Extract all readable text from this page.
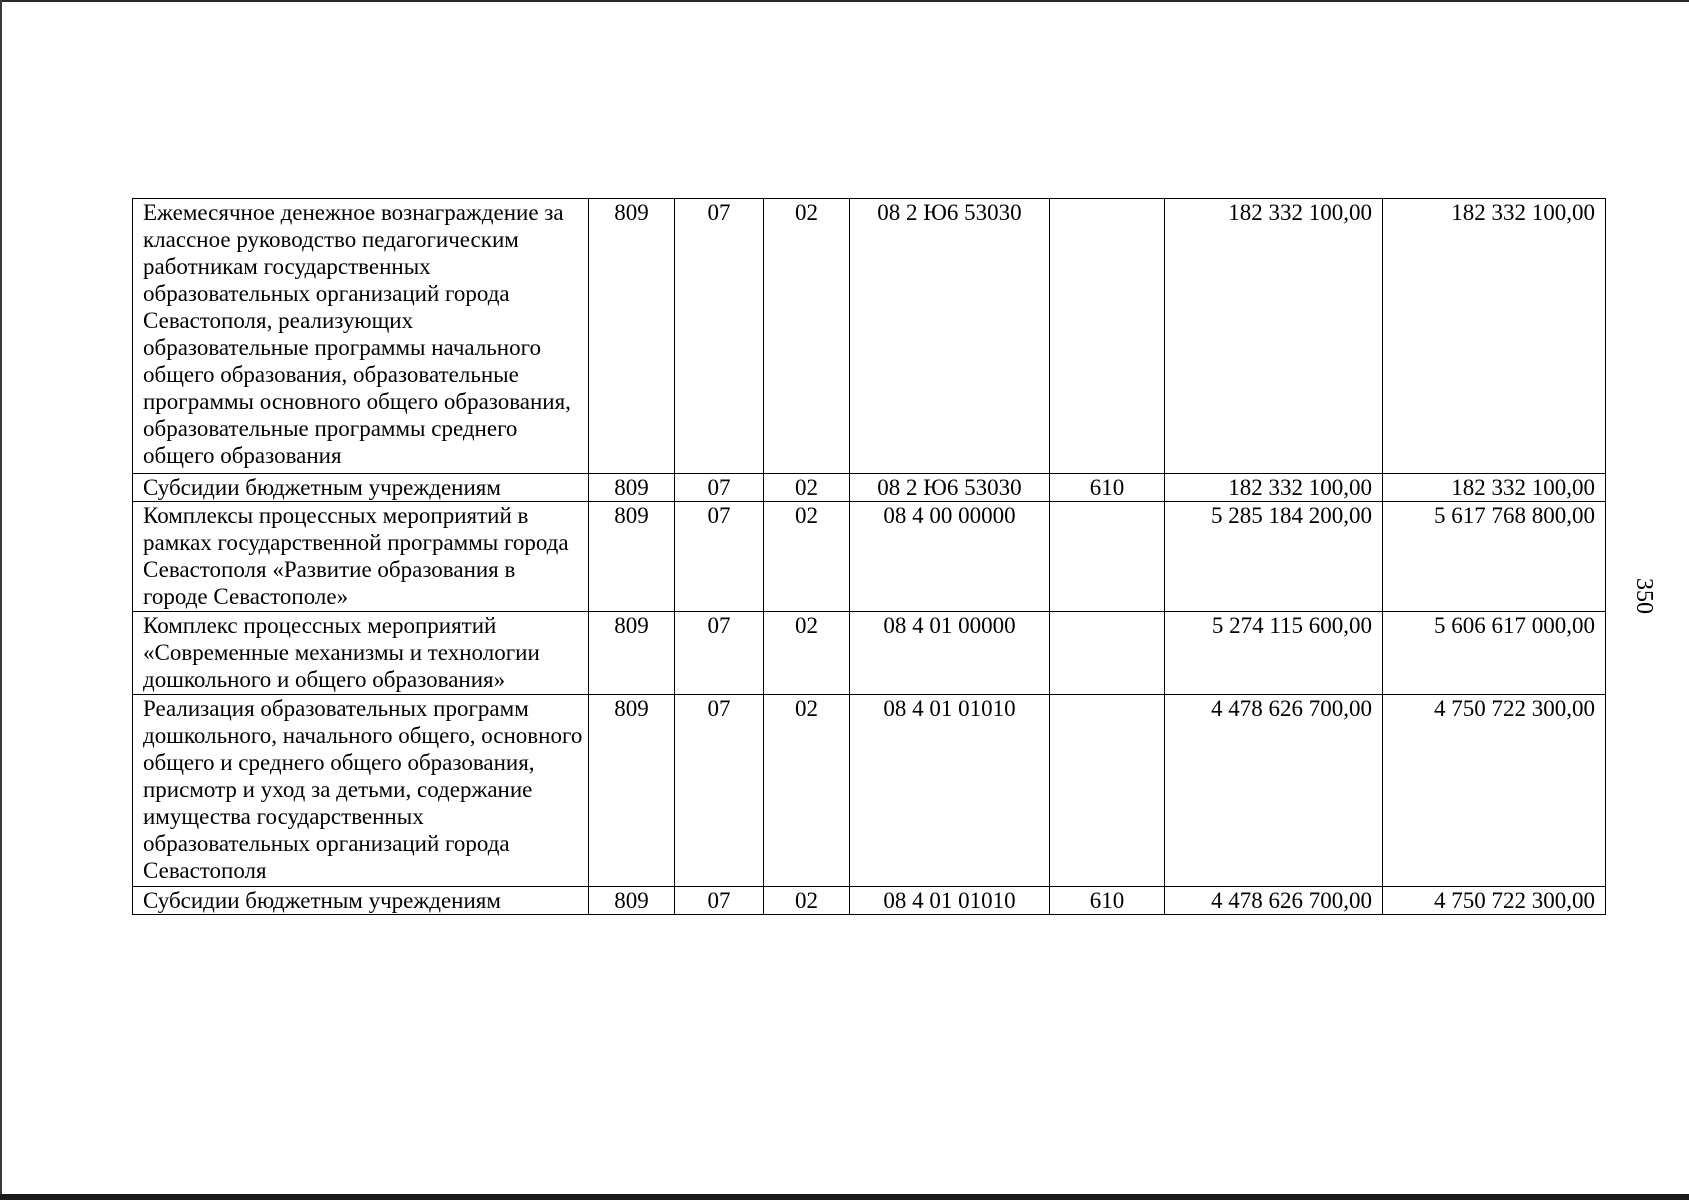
Ежемесячное денежное вознаграждение за классное руководство педагогическим работникам государственных образовательных организаций города Севастополя, реализующих образовательные программы начального общего образования, образовательные программы основного общего образования, образовательные программы среднего общего образования	809	07	02	08 2 Ю6 53030		182 332 100,00	182 332 100,00
Субсидии бюджетным учреждениям	809	07	02	08 2 Ю6 53030	610	182 332 100,00	182 332 100,00
Комплексы процессных мероприятий в рамках государственной программы города Севастополя «Развитие образования в городе Севастополе»	809	07	02	08 4 00 00000		5 285 184 200,00	5 617 768 800,00
Комплекс процессных мероприятий «Современные механизмы и технологии дошкольного и общего образования»	809	07	02	08 4 01 00000		5 274 115 600,00	5 606 617 000,00
Реализация образовательных программ дошкольного, начального общего, основного общего и среднего общего образования, присмотр и уход за детьми, содержание имущества государственных образовательных организаций города Севастополя	809	07	02	08 4 01 01010		4 478 626 700,00	4 750 722 300,00
Субсидии бюджетным учреждениям	809	07	02	08 4 01 01010	610	4 478 626 700,00	4 750 722 300,00
350
